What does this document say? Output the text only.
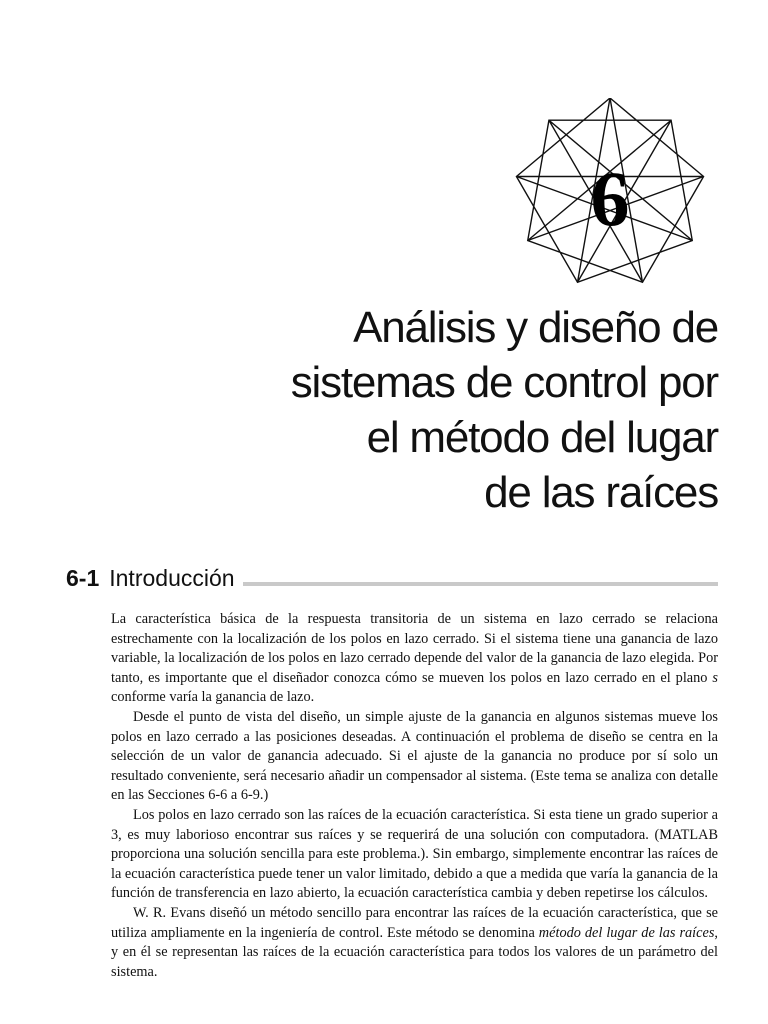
6
Análisis y diseño de
sistemas de control por
el método del lugar
de las raíces
6-1 Introducción

La característica básica de la respuesta transitoria de un sistema en lazo cerrado se relaciona estrechamente con la localización de los polos en lazo cerrado. Si el sistema tiene una ganancia de lazo variable, la localización de los polos en lazo cerrado depende del valor de la ganancia de lazo elegida. Por tanto, es importante que el diseñador conozca cómo se mueven los polos en lazo cerrado en el plano s conforme varía la ganancia de lazo.

Desde el punto de vista del diseño, un simple ajuste de la ganancia en algunos sistemas mueve los polos en lazo cerrado a las posiciones deseadas. A continuación el problema de diseño se centra en la selección de un valor de ganancia adecuado. Si el ajuste de la ganancia no produce por sí solo un resultado conveniente, será necesario añadir un compensador al sistema. (Este tema se analiza con detalle en las Secciones 6-6 a 6-9.)

Los polos en lazo cerrado son las raíces de la ecuación característica. Si esta tiene un grado superior a 3, es muy laborioso encontrar sus raíces y se requerirá de una solución con computadora. (MATLAB proporciona una solución sencilla para este problema.). Sin embargo, simplemente encontrar las raíces de la ecuación característica puede tener un valor limitado, debido a que a medida que varía la ganancia de la función de transferencia en lazo abierto, la ecuación característica cambia y deben repetirse los cálculos.

W. R. Evans diseñó un método sencillo para encontrar las raíces de la ecuación característica, que se utiliza ampliamente en la ingeniería de control. Este método se denomina método del lugar de las raíces, y en él se representan las raíces de la ecuación característica para todos los valores de un parámetro del sistema.
